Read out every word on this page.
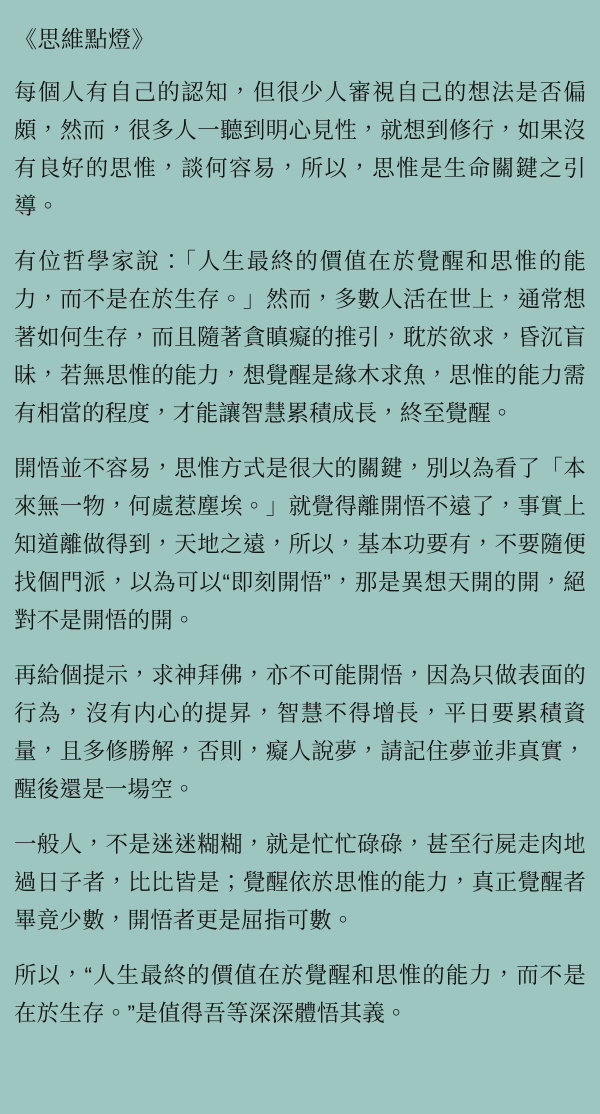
《思維點燈》

每個人有自己的認知，但很少人審視自己的想法是否偏頗，然而，很多人一聽到明心見性，就想到修行，如果沒有良好的思惟，談何容易，所以，思惟是生命關鍵之引導。

有位哲學家說：「人生最終的價值在於覺醒和思惟的能力，而不是在於生存。」然而，多數人活在世上，通常想著如何生存，而且隨著貪瞋癡的推引，耽於欲求，昏沉盲昧，若無思惟的能力，想覺醒是緣木求魚，思惟的能力需有相當的程度，才能讓智慧累積成長，終至覺醒。

開悟並不容易，思惟方式是很大的關鍵，別以為看了「本來無一物，何處惹塵埃。」就覺得離開悟不遠了，事實上知道離做得到，天地之遠，所以，基本功要有，不要隨便找個門派，以為可以“即刻開悟”，那是異想天開的開，絕對不是開悟的開。

再給個提示，求神拜佛，亦不可能開悟，因為只做表面的行為，沒有内心的提昇，智慧不得增長，平日要累積資量，且多修勝解，否則，癡人說夢，請記住夢並非真實，醒後還是一場空。

一般人，不是迷迷糊糊，就是忙忙碌碌，甚至行屍走肉地過日子者，比比皆是；覺醒依於思惟的能力，真正覺醒者畢竟少數，開悟者更是屈指可數。

所以，“人生最終的價值在於覺醒和思惟的能力，而不是在於生存。”是值得吾等深深體悟其義。
